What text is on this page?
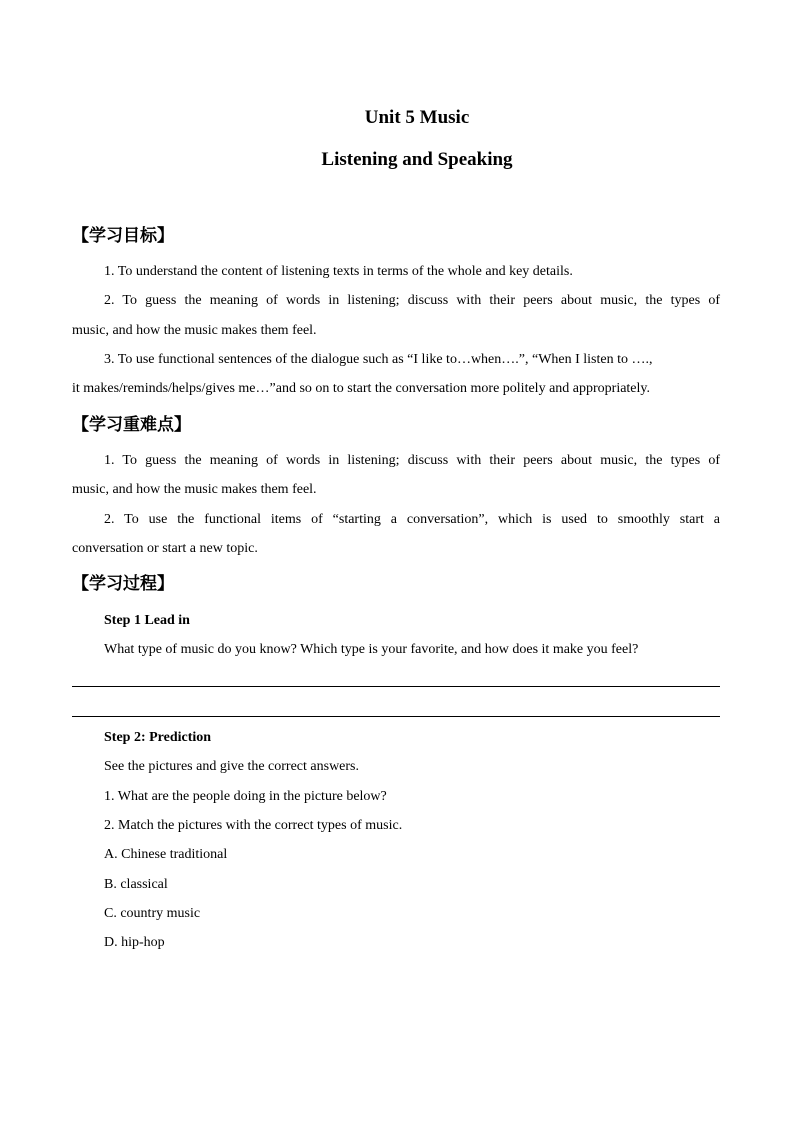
Unit 5 Music
Listening and Speaking
【学习目标】
1. To understand the content of listening texts in terms of the whole and key details.
2. To guess the meaning of words in listening; discuss with their peers about music, the types of
music, and how the music makes them feel.
3. To use functional sentences of the dialogue such as “I like to…when….”, “When I listen to ….,
it makes/reminds/helps/gives me…”and so on to start the conversation more politely and appropriately.
【学习重难点】
1. To guess the meaning of words in listening; discuss with their peers about music, the types of
music, and how the music makes them feel.
2. To use the functional items of “starting a conversation”, which is used to smoothly start a
conversation or start a new topic.
【学习过程】
Step 1 Lead in
What type of music do you know? Which type is your favorite, and how does it make you feel?
Step 2: Prediction
See the pictures and give the correct answers.
1. What are the people doing in the picture below?
2. Match the pictures with the correct types of music.
A. Chinese traditional
B. classical
C. country music
D. hip-hop
